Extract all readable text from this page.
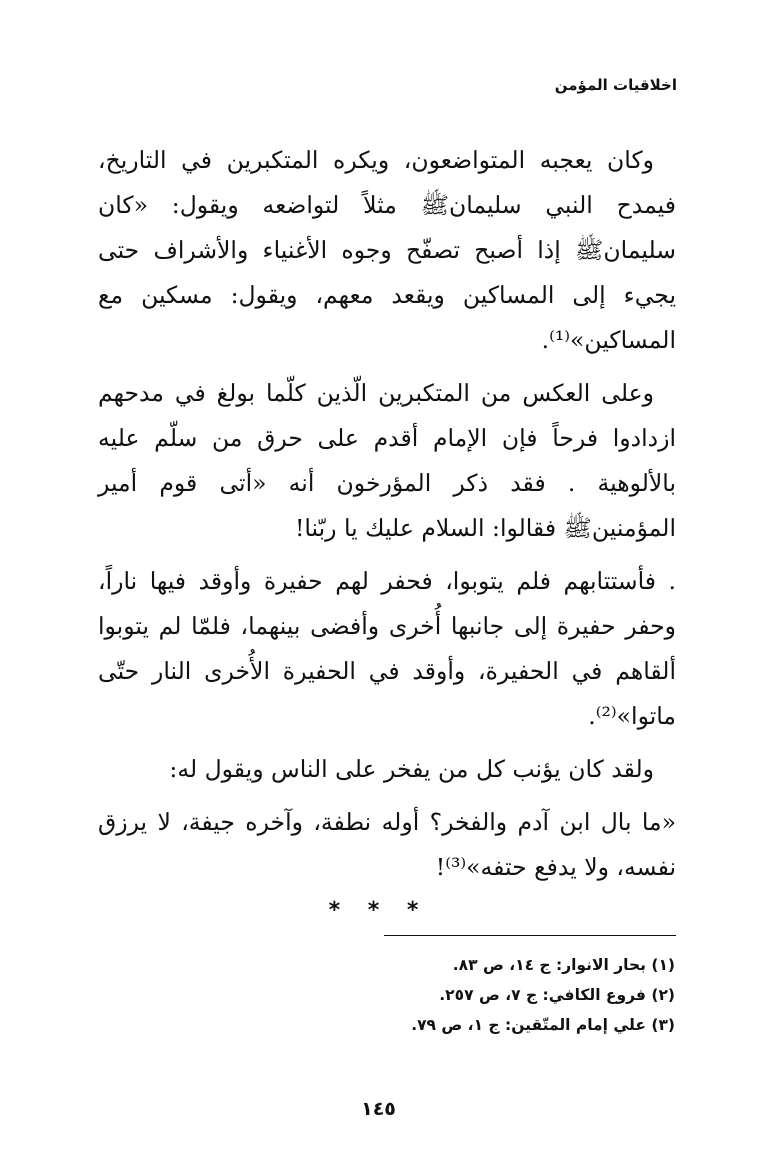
اخلاقيات المؤمن

وكان يعجبه المتواضعون، ويكره المتكبرين في التاريخ، فيمدح النبي سليمانﷺ مثلاً لتواضعه ويقول: «كان سليمانﷺ إذا أصبح تصفّح وجوه الأغنياء والأشراف حتى يجيء إلى المساكين ويقعد معهم، ويقول: مسكين مع المساكين»⁽¹⁾.

وعلى العكس من المتكبرين الّذين كلّما بولغ في مدحهم ازدادوا فرحاً فإن الإمام أقدم على حرق من سلّم عليه بالألوهية . فقد ذكر المؤرخون أنه «أتى قوم أمير المؤمنينﷺ فقالوا: السلام عليك يا ربّنا!

. فأستتابهم فلم يتوبوا، فحفر لهم حفيرة وأوقد فيها ناراً، وحفر حفيرة إلى جانبها أُخرى وأفضى بينهما، فلمّا لم يتوبوا ألقاهم في الحفيرة، وأوقد في الحفيرة الأُخرى النار حتّى ماتوا»⁽²⁾.

ولقد كان يؤنب كل من يفخر على الناس ويقول له:

«ما بال ابن آدم والفخر؟ أوله نطفة، وآخره جيفة، لا يرزق نفسه، ولا يدفع حتفه»⁽³⁾!

* * *
(١) بحار الانوار: ج ١٤، ص ٨٣.
(٢) فروع الكافي: ج ٧، ص ٢٥٧.
(٣) علي إمام المتّقين: ج ١، ص ٧٩.
١٤٥
